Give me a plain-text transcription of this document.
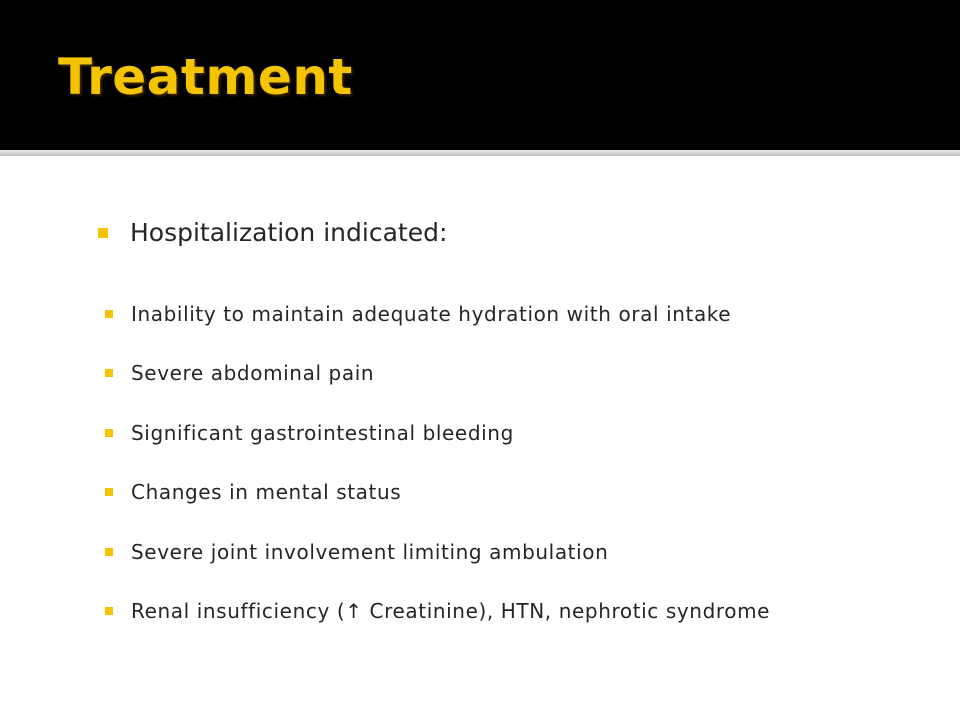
Treatment
Hospitalization indicated:
Inability to maintain adequate hydration with oral intake
Severe abdominal pain
Significant gastrointestinal bleeding
Changes in mental status
Severe joint involvement limiting ambulation
Renal insufficiency (↑ Creatinine), HTN, nephrotic syndrome
